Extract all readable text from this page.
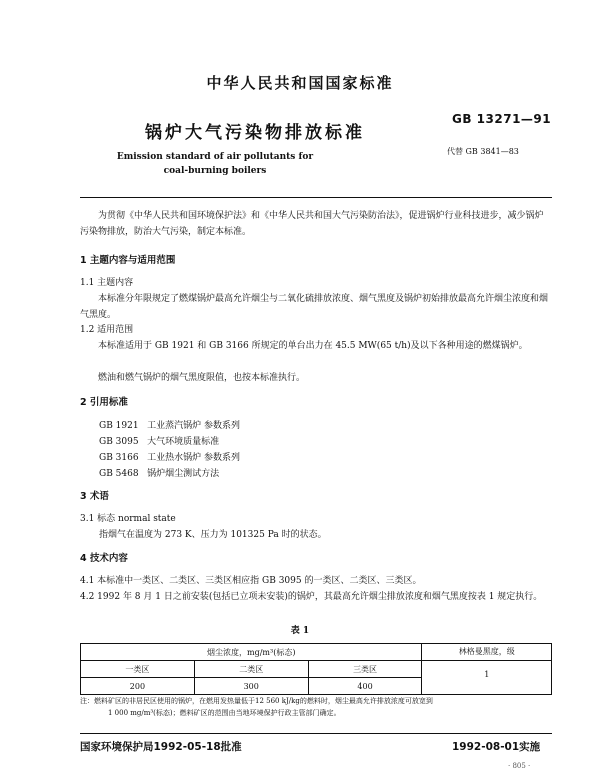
中华人民共和国国家标准
锅炉大气污染物排放标准
GB 13271—91
代替 GB 3841—83
Emission standard of air pollutants for
coal-burning boilers
为贯彻《中华人民共和国环境保护法》和《中华人民共和国大气污染防治法》，促进锅炉行业科技进步，减少锅炉污染物排放，防治大气污染，制定本标准。
1 主题内容与适用范围
1.1 主题内容
本标准分年限规定了燃煤锅炉最高允许烟尘与二氧化硫排放浓度、烟气黑度及锅炉初始排放最高允许烟尘浓度和烟气黑度。
1.2 适用范围
本标准适用于 GB 1921 和 GB 3166 所规定的单台出力在 45.5 MW(65 t/h)及以下各种用途的燃煤锅炉。
燃油和燃气锅炉的烟气黑度限值，也按本标准执行。
2 引用标准
GB 1921 工业蒸汽锅炉 参数系列
GB 3095 大气环境质量标准
GB 3166 工业热水锅炉 参数系列
GB 5468 锅炉烟尘测试方法
3 术语
3.1 标态 normal state
指烟气在温度为 273 K、压力为 101325 Pa 时的状态。
4 技术内容
4.1 本标准中一类区、二类区、三类区相应指 GB 3095 的一类区、二类区、三类区。
4.2 1992 年 8 月 1 日之前安装(包括已立项未安装)的锅炉，其最高允许烟尘排放浓度和烟气黑度按表 1 规定执行。
表 1
烟尘浓度，mg/m³(标态)			林格曼黑度，级
1

一类区	二类区	三类区	
200	300	400	
注：燃料矿区的非居民区使用的锅炉，在燃用发热量低于12 560 kJ/kg的燃料时，烟尘最高允许排放浓度可放宽到
1 000 mg/m³(标态)；燃料矿区的范围由当地环境保护行政主管部门确定。
国家环境保护局1992-05-18批准	1992-08-01实施
· 805 ·
